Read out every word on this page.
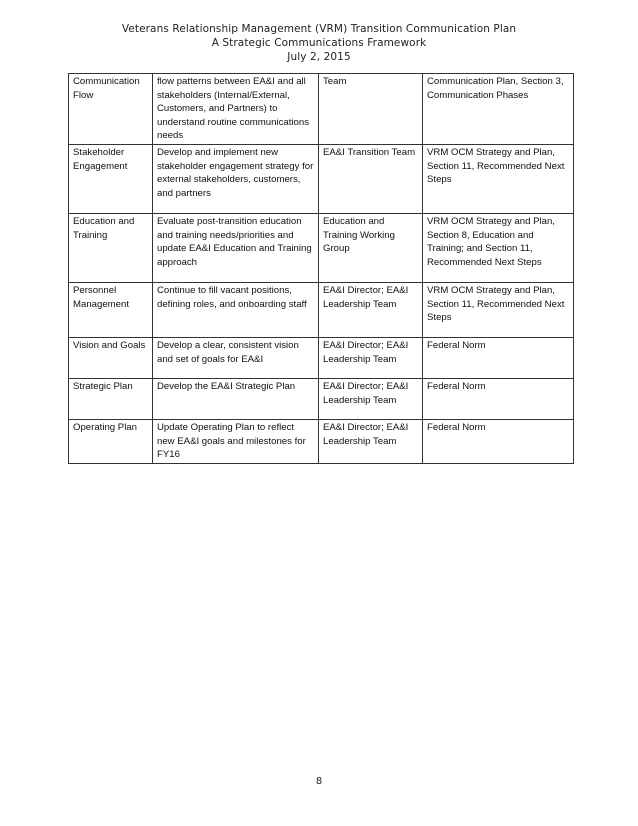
Veterans Relationship Management (VRM) Transition Communication Plan
A Strategic Communications Framework
July 2, 2015
Communication Flow	flow patterns between EA&I and all stakeholders (Internal/External, Customers, and Partners) to understand routine communications needs	Team	Communication Plan, Section 3, Communication Phases
Stakeholder Engagement	Develop and implement new stakeholder engagement strategy for external stakeholders, customers, and partners	EA&I Transition Team	VRM OCM Strategy and Plan, Section 11, Recommended Next Steps
Education and Training	Evaluate post-transition education and training needs/priorities and update EA&I Education and Training approach	Education and Training Working Group	VRM OCM Strategy and Plan, Section 8, Education and Training; and Section 11, Recommended Next Steps
Personnel Management	Continue to fill vacant positions, defining roles, and onboarding staff	EA&I Director; EA&I Leadership Team	VRM OCM Strategy and Plan, Section 11, Recommended Next Steps
Vision and Goals	Develop a clear, consistent vision and set of goals for EA&I	EA&I Director; EA&I Leadership Team	Federal Norm
Strategic Plan	Develop the EA&I Strategic Plan	EA&I Director; EA&I Leadership Team	Federal Norm
Operating Plan	Update Operating Plan to reflect new EA&I goals and milestones for FY16	EA&I Director; EA&I Leadership Team	Federal Norm
8
